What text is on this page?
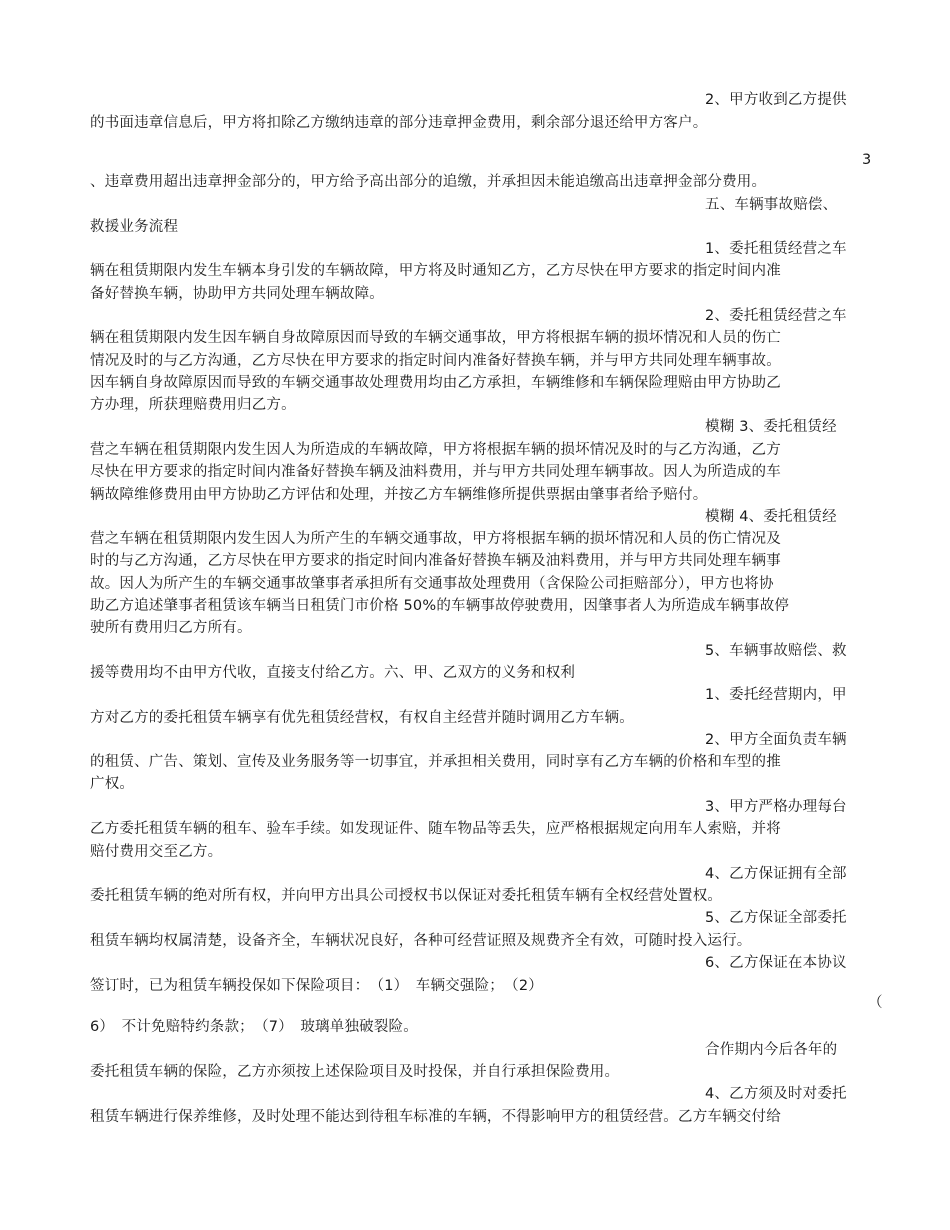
2、甲方收到乙方提供
的书面违章信息后，甲方将扣除乙方缴纳违章的部分违章押金费用，剩余部分退还给甲方客户。
3
、违章费用超出违章押金部分的，甲方给予高出部分的追缴，并承担因未能追缴高出违章押金部分费用。
五、车辆事故赔偿、
救援业务流程
1、委托租赁经营之车
辆在租赁期限内发生车辆本身引发的车辆故障，甲方将及时通知乙方，乙方尽快在甲方要求的指定时间内准
备好替换车辆，协助甲方共同处理车辆故障。
2、委托租赁经营之车
辆在租赁期限内发生因车辆自身故障原因而导致的车辆交通事故，甲方将根据车辆的损坏情况和人员的伤亡
情况及时的与乙方沟通，乙方尽快在甲方要求的指定时间内准备好替换车辆，并与甲方共同处理车辆事故。
因车辆自身故障原因而导致的车辆交通事故处理费用均由乙方承担，车辆维修和车辆保险理赔由甲方协助乙
方办理，所获理赔费用归乙方。
模糊 3、委托租赁经
营之车辆在租赁期限内发生因人为所造成的车辆故障，甲方将根据车辆的损坏情况及时的与乙方沟通，乙方
尽快在甲方要求的指定时间内准备好替换车辆及油料费用，并与甲方共同处理车辆事故。因人为所造成的车
辆故障维修费用由甲方协助乙方评估和处理，并按乙方车辆维修所提供票据由肇事者给予赔付。
模糊 4、委托租赁经
营之车辆在租赁期限内发生因人为所产生的车辆交通事故，甲方将根据车辆的损坏情况和人员的伤亡情况及
时的与乙方沟通，乙方尽快在甲方要求的指定时间内准备好替换车辆及油料费用，并与甲方共同处理车辆事
故。因人为所产生的车辆交通事故肇事者承担所有交通事故处理费用（含保险公司拒赔部分），甲方也将协
助乙方追述肇事者租赁该车辆当日租赁门市价格 50%的车辆事故停驶费用，因肇事者人为所造成车辆事故停
驶所有费用归乙方所有。
5、车辆事故赔偿、救
援等费用均不由甲方代收，直接支付给乙方。六、甲、乙双方的义务和权利
1、委托经营期内，甲
方对乙方的委托租赁车辆享有优先租赁经营权，有权自主经营并随时调用乙方车辆。
2、甲方全面负责车辆
的租赁、广告、策划、宣传及业务服务等一切事宜，并承担相关费用，同时享有乙方车辆的价格和车型的推
广权。
3、甲方严格办理每台
乙方委托租赁车辆的租车、验车手续。如发现证件、随车物品等丢失，应严格根据规定向用车人索赔，并将
赔付费用交至乙方。
4、乙方保证拥有全部
委托租赁车辆的绝对所有权，并向甲方出具公司授权书以保证对委托租赁车辆有全权经营处置权。
5、乙方保证全部委托
租赁车辆均权属清楚，设备齐全，车辆状况良好，各种可经营证照及规费齐全有效，可随时投入运行。
6、乙方保证在本协议
签订时，已为租赁车辆投保如下保险项目：　（1）　车辆交强险；　（2）
（
6）　不计免赔特约条款；　（7）　玻璃单独破裂险。
合作期内今后各年的
委托租赁车辆的保险，乙方亦须按上述保险项目及时投保，并自行承担保险费用。
4、乙方须及时对委托
租赁车辆进行保养维修，及时处理不能达到待租车标准的车辆，不得影响甲方的租赁经营。乙方车辆交付给
